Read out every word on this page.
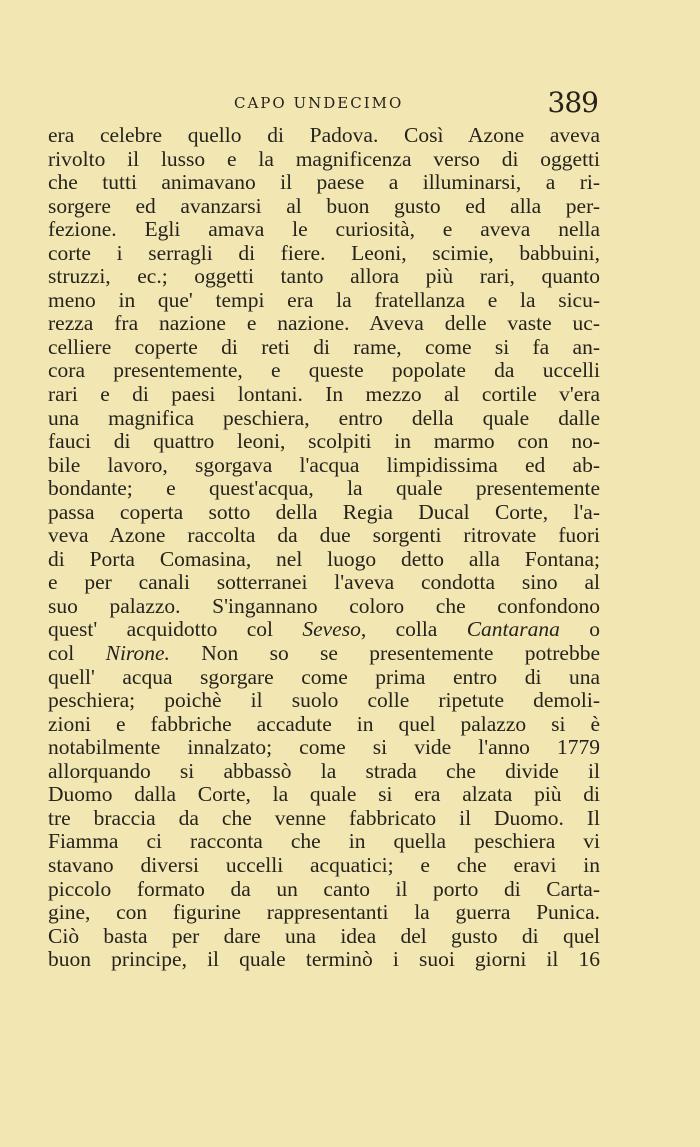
CAPO UNDECIMO	389
era celebre quello di Padova. Così Azone aveva
rivolto il lusso e la magnificenza verso di oggetti
che tutti animavano il paese a illuminarsi, a ri-
sorgere ed avanzarsi al buon gusto ed alla per-
fezione. Egli amava le curiosità, e aveva nella
corte i serragli di fiere. Leoni, scimie, babbuini,
struzzi, ec.; oggetti tanto allora più rari, quanto
meno in que' tempi era la fratellanza e la sicu-
rezza fra nazione e nazione. Aveva delle vaste uc-
celliere coperte di reti di rame, come si fa an-
cora presentemente, e queste popolate da uccelli
rari e di paesi lontani. In mezzo al cortile v'era
una magnifica peschiera, entro della quale dalle
fauci di quattro leoni, scolpiti in marmo con no-
bile lavoro, sgorgava l'acqua limpidissima ed ab-
bondante; e quest'acqua, la quale presentemente
passa coperta sotto della Regia Ducal Corte, l'a-
veva Azone raccolta da due sorgenti ritrovate fuori
di Porta Comasina, nel luogo detto alla Fontana;
e per canali sotterranei l'aveva condotta sino al
suo palazzo. S'ingannano coloro che confondono
quest' acquidotto col Seveso, colla Cantarana o
col Nirone. Non so se presentemente potrebbe
quell' acqua sgorgare come prima entro di una
peschiera; poichè il suolo colle ripetute demoli-
zioni e fabbriche accadute in quel palazzo si è
notabilmente innalzato; come si vide l'anno 1779
allorquando si abbassò la strada che divide il
Duomo dalla Corte, la quale si era alzata più di
tre braccia da che venne fabbricato il Duomo. Il
Fiamma ci racconta che in quella peschiera vi
stavano diversi uccelli acquatici; e che eravi in
piccolo formato da un canto il porto di Carta-
gine, con figurine rappresentanti la guerra Punica.
Ciò basta per dare una idea del gusto di quel
buon principe, il quale terminò i suoi giorni il 16
